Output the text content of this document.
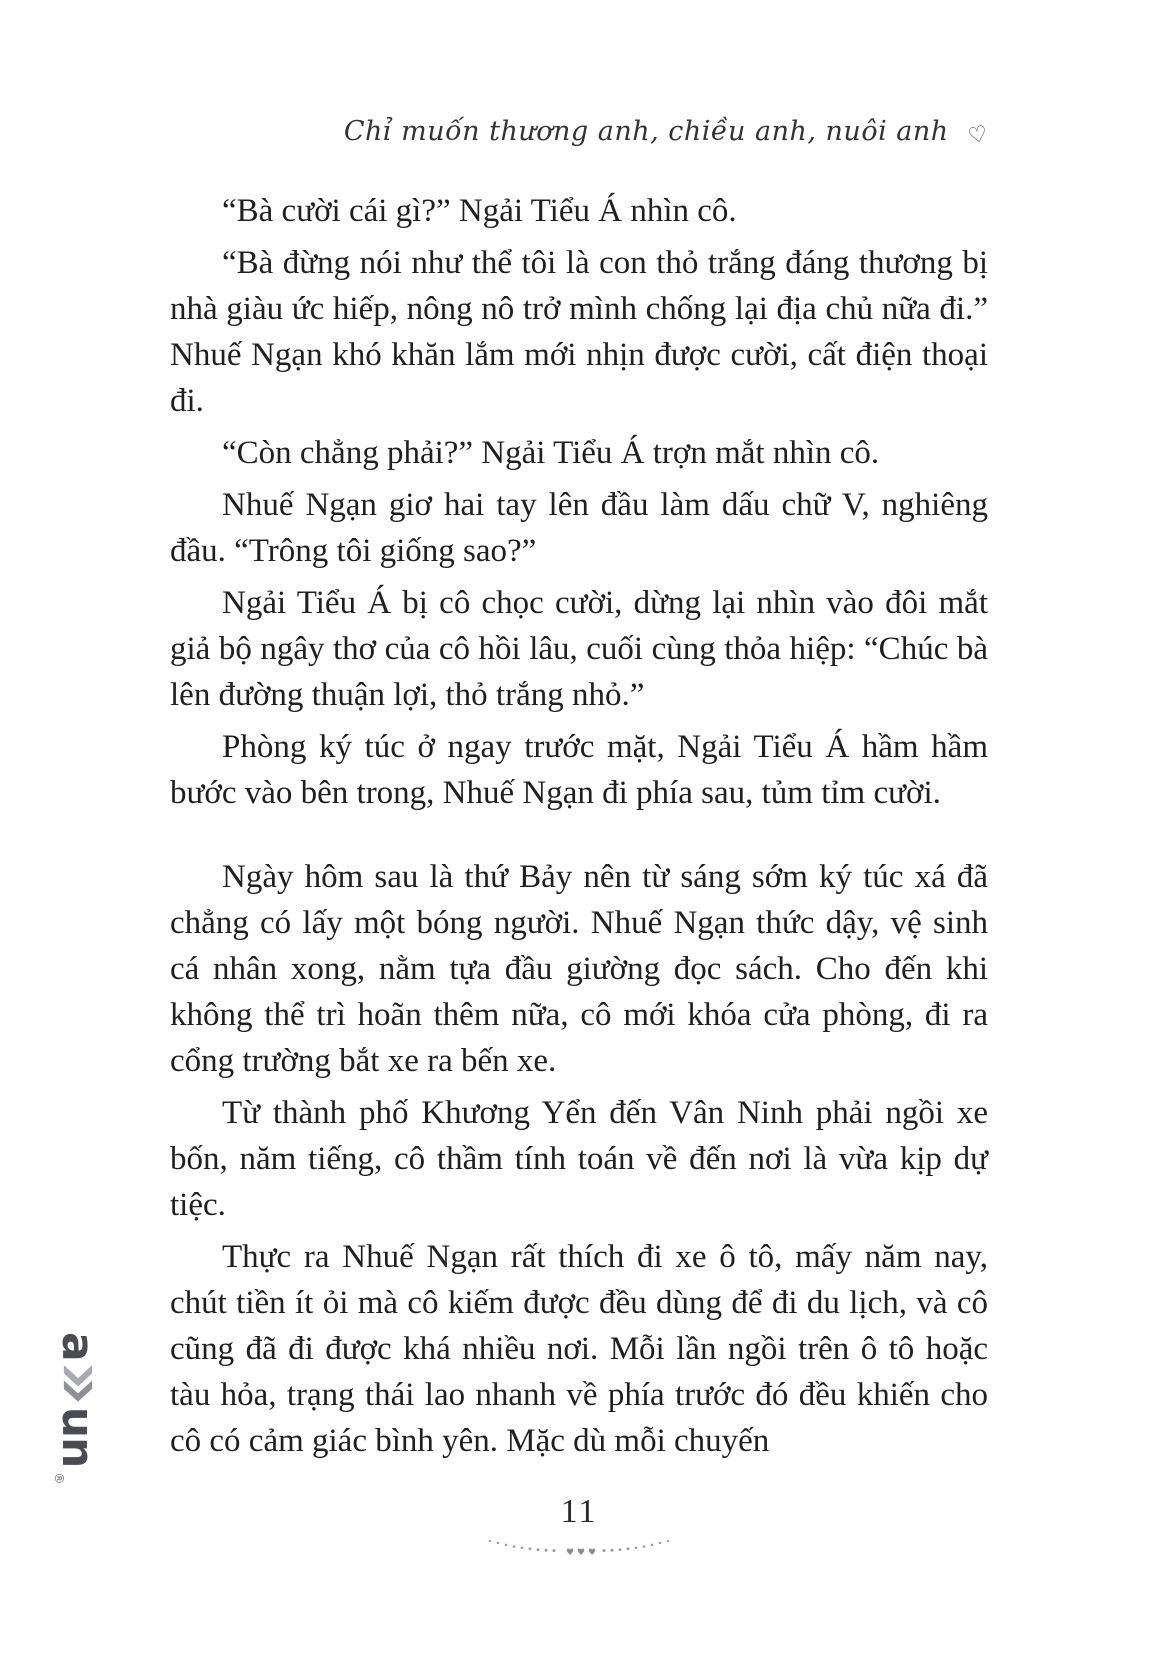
Chỉ muốn thương anh, chiều anh, nuôi anh ♡

“Bà cười cái gì?” Ngải Tiểu Á nhìn cô.

“Bà đừng nói như thể tôi là con thỏ trắng đáng thương bị nhà giàu ức hiếp, nông nô trở mình chống lại địa chủ nữa đi.” Nhuế Ngạn khó khăn lắm mới nhịn được cười, cất điện thoại đi.

“Còn chẳng phải?” Ngải Tiểu Á trợn mắt nhìn cô.

Nhuế Ngạn giơ hai tay lên đầu làm dấu chữ V, nghiêng đầu. “Trông tôi giống sao?”

Ngải Tiểu Á bị cô chọc cười, dừng lại nhìn vào đôi mắt giả bộ ngây thơ của cô hồi lâu, cuối cùng thỏa hiệp: “Chúc bà lên đường thuận lợi, thỏ trắng nhỏ.”

Phòng ký túc ở ngay trước mặt, Ngải Tiểu Á hầm hầm bước vào bên trong, Nhuế Ngạn đi phía sau, tủm tỉm cười.

Ngày hôm sau là thứ Bảy nên từ sáng sớm ký túc xá đã chẳng có lấy một bóng người. Nhuế Ngạn thức dậy, vệ sinh cá nhân xong, nằm tựa đầu giường đọc sách. Cho đến khi không thể trì hoãn thêm nữa, cô mới khóa cửa phòng, đi ra cổng trường bắt xe ra bến xe.

Từ thành phố Khương Yển đến Vân Ninh phải ngồi xe bốn, năm tiếng, cô thầm tính toán về đến nơi là vừa kịp dự tiệc.

Thực ra Nhuế Ngạn rất thích đi xe ô tô, mấy năm nay, chút tiền ít ỏi mà cô kiếm được đều dùng để đi du lịch, và cô cũng đã đi được khá nhiều nơi. Mỗi lần ngồi trên ô tô hoặc tàu hỏa, trạng thái lao nhanh về phía trước đó đều khiến cho cô có cảm giác bình yên. Mặc dù mỗi chuyến

11
♥ ♥ ♥
a
un
®
